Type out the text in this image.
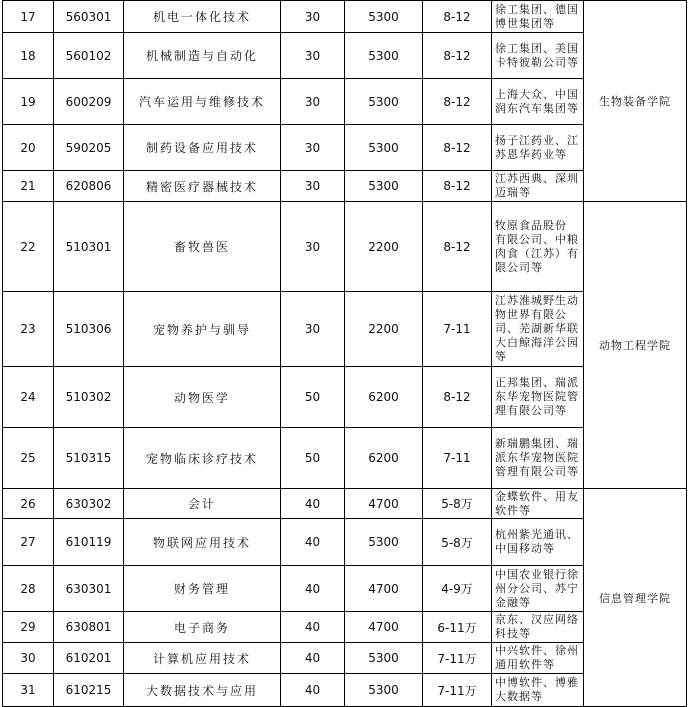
17	560301	机电一体化技术	30	5300	8-12	徐工集团、德国博世集团等	生物装备学院
18	560102	机械制造与自动化	30	5300	8-12	徐工集团、美国卡特彼勒公司等	
19	600209	汽车运用与维修技术	30	5300	8-12	上海大众、中国润东汽车集团等	
20	590205	制药设备应用技术	30	5300	8-12	扬子江药业、江苏恩华药业等	
21	620806	精密医疗器械技术	30	5300	8-12	江苏西典、深圳迈瑞等	
22	510301	畜牧兽医	30	2200	8-12	牧原食品股份 有限公司、中粮肉食（江苏）有限公司等	动物工程学院
23	510306	宠物养护与驯导	30	2200	7-11	江苏淮城野生动物世界有限公司、芜湖新华联大白鲸海洋公园等	
24	510302	动物医学	50	6200	8-12	正邦集团、瑞派东华宠物医院管理有限公司等	
25	510315	宠物临床诊疗技术	50	6200	7-11	新瑞鹏集团、瑞派东华宠物医院管理有限公司等	
26	630302	会计	40	4700	5-8万	金蝶软件、用友软件等	信息管理学院
27	610119	物联网应用技术	40	5300	5-8万	杭州紫光通讯、中国移动等	
28	630301	财务管理	40	4700	4-9万	中国农业银行徐州分公司、苏宁金融等	
29	630801	电子商务	40	4700	6-11万	京东、汉应网络科技等	
30	610201	计算机应用技术	40	5300	7-11万	中兴软件、徐州通用软件等	
31	610215	大数据技术与应用	40	5300	7-11万	中博软件、博雅大数据等	
